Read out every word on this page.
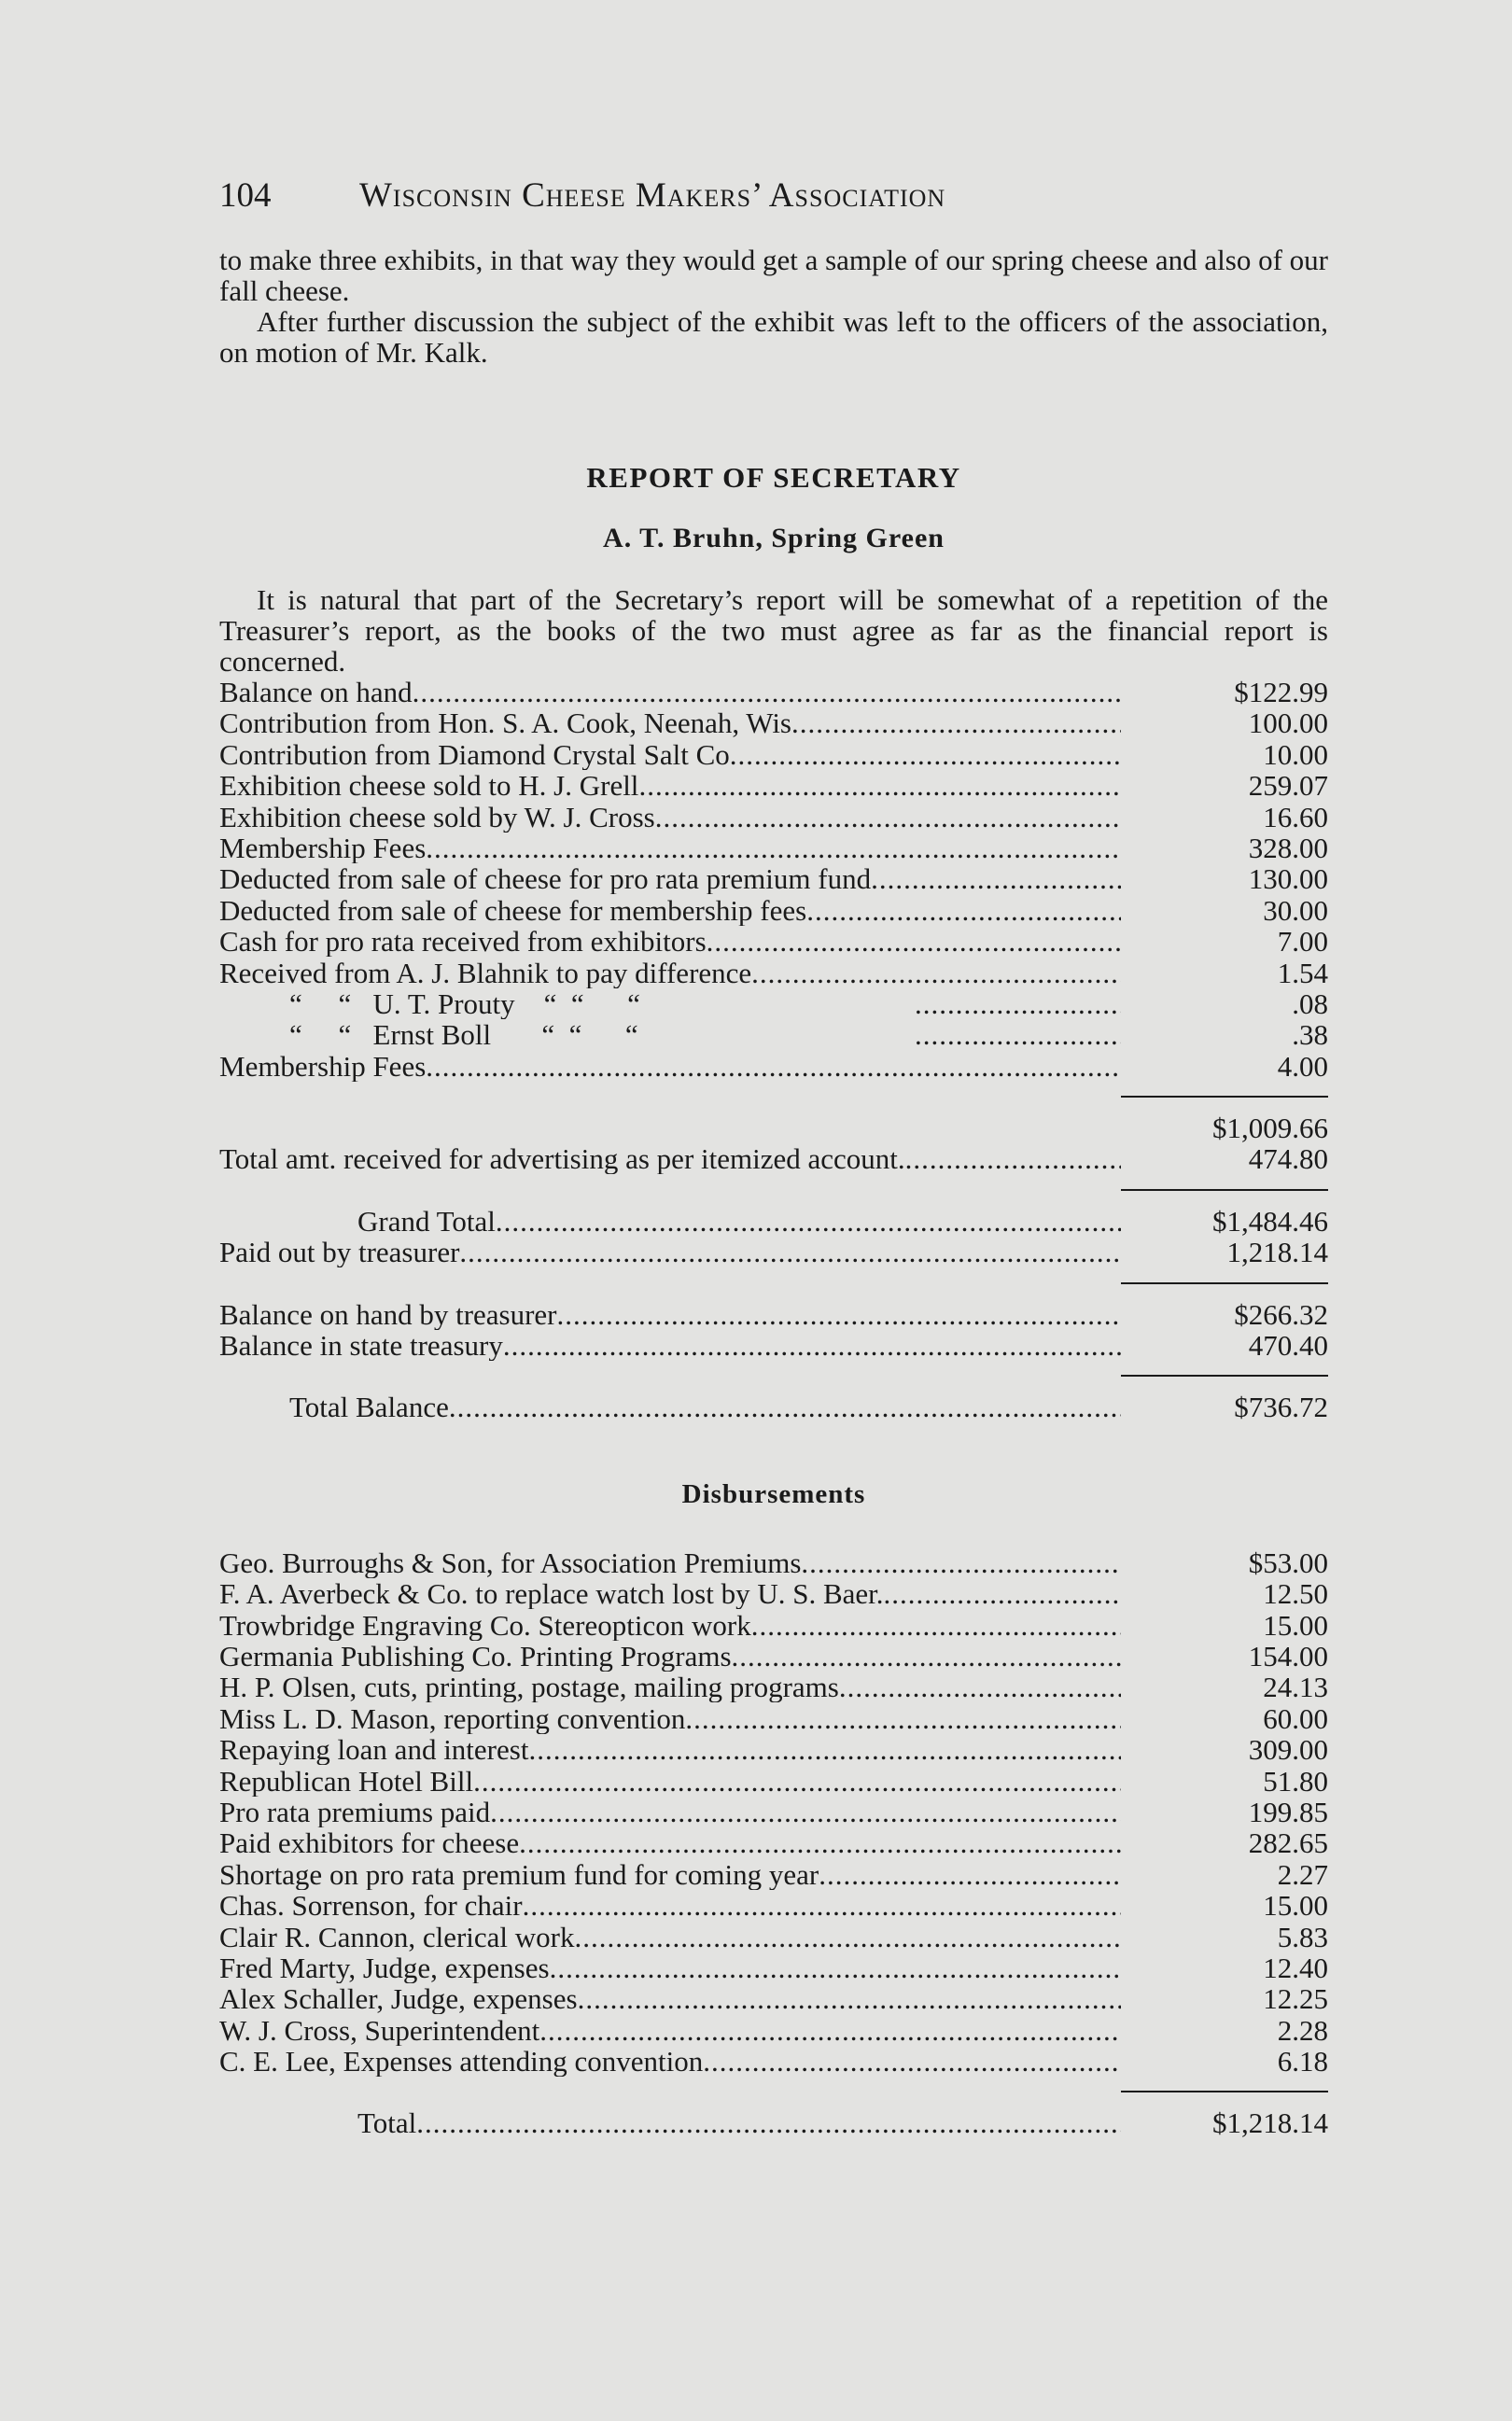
104	Wisconsin Cheese Makers’ Association

to make three exhibits, in that way they would get a sample of our spring cheese and also of our fall cheese.

After further discussion the subject of the exhibit was left to the officers of the association, on motion of Mr. Kalk.

REPORT OF SECRETARY

A. T. Bruhn, Spring Green

It is natural that part of the Secretary’s report will be somewhat of a repetition of the Treasurer’s report, as the books of the two must agree as far as the financial report is concerned.

Balance on hand .....	$122.99
Contribution from Hon. S. A. Cook, Neenah, Wis .....	100.00
Contribution from Diamond Crystal Salt Co .....	10.00
Exhibition cheese sold to H. J. Grell .....	259.07
Exhibition cheese sold by W. J. Cross .....	16.60
Membership Fees .....	328.00
Deducted from sale of cheese for pro rata premium fund .....	130.00
Deducted from sale of cheese for membership fees .....	30.00
Cash for pro rata received from exhibitors .....	7.00
Received from A. J. Blahnik to pay difference .....	1.54
“     “   U. T. Prouty    “  “      “ .....	.08
“     “   Ernst Boll       “  “      “ .....	.38
Membership Fees .....	4.00
$1,009.66
Total amt. received for advertising as per itemized account. .....	474.80
Grand Total .....	$1,484.46
Paid out by treasurer .....	1,218.14
Balance on hand by treasurer .....	$266.32
Balance in state treasury .....	470.40
Total Balance .....	$736.72

Disbursements

Geo. Burroughs & Son, for Association Premiums .....	$53.00
F. A. Averbeck & Co. to replace watch lost by U. S. Baer. .....	12.50
Trowbridge Engraving Co. Stereopticon work .....	15.00
Germania Publishing Co. Printing Programs .....	154.00
H. P. Olsen, cuts, printing, postage, mailing programs .....	24.13
Miss L. D. Mason, reporting convention .....	60.00
Repaying loan and interest .....	309.00
Republican Hotel Bill .....	51.80
Pro rata premiums paid .....	199.85
Paid exhibitors for cheese .....	282.65
Shortage on pro rata premium fund for coming year .....	2.27
Chas. Sorrenson, for chair .....	15.00
Clair R. Cannon, clerical work .....	5.83
Fred Marty, Judge, expenses .....	12.40
Alex Schaller, Judge, expenses .....	12.25
W. J. Cross, Superintendent .....	2.28
C. E. Lee, Expenses attending convention .....	6.18
Total .....	$1,218.14
